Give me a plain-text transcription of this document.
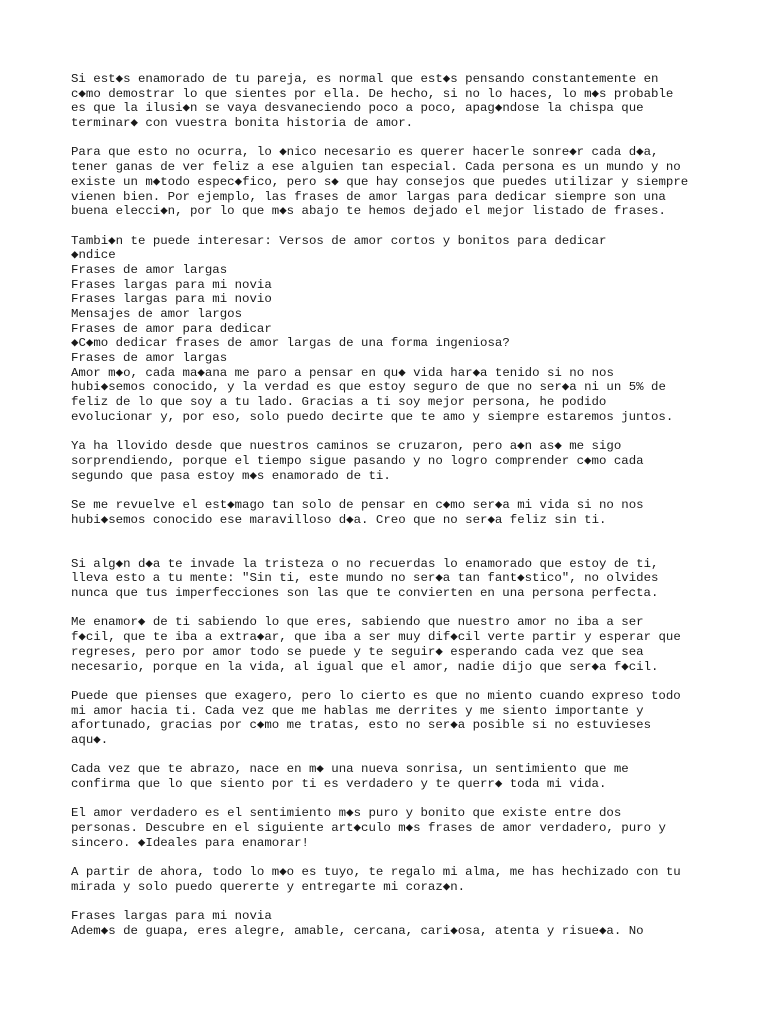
Si est◆s enamorado de tu pareja, es normal que est◆s pensando constantemente en
c◆mo demostrar lo que sientes por ella. De hecho, si no lo haces, lo m◆s probable
es que la ilusi◆n se vaya desvaneciendo poco a poco, apag◆ndose la chispa que
terminar◆ con vuestra bonita historia de amor.
Para que esto no ocurra, lo ◆nico necesario es querer hacerle sonre◆r cada d◆a,
tener ganas de ver feliz a ese alguien tan especial. Cada persona es un mundo y no
existe un m◆todo espec◆fico, pero s◆ que hay consejos que puedes utilizar y siempre
vienen bien. Por ejemplo, las frases de amor largas para dedicar siempre son una
buena elecci◆n, por lo que m◆s abajo te hemos dejado el mejor listado de frases.
Tambi◆n te puede interesar: Versos de amor cortos y bonitos para dedicar
◆ndice
Frases de amor largas
Frases largas para mi novia
Frases largas para mi novio
Mensajes de amor largos
Frases de amor para dedicar
◆C◆mo dedicar frases de amor largas de una forma ingeniosa?
Frases de amor largas
Amor m◆o, cada ma◆ana me paro a pensar en qu◆ vida har◆a tenido si no nos
hubi◆semos conocido, y la verdad es que estoy seguro de que no ser◆a ni un 5% de
feliz de lo que soy a tu lado. Gracias a ti soy mejor persona, he podido
evolucionar y, por eso, solo puedo decirte que te amo y siempre estaremos juntos.
Ya ha llovido desde que nuestros caminos se cruzaron, pero a◆n as◆ me sigo
sorprendiendo, porque el tiempo sigue pasando y no logro comprender c◆mo cada
segundo que pasa estoy m◆s enamorado de ti.
Se me revuelve el est◆mago tan solo de pensar en c◆mo ser◆a mi vida si no nos
hubi◆semos conocido ese maravilloso d◆a. Creo que no ser◆a feliz sin ti.
Si alg◆n d◆a te invade la tristeza o no recuerdas lo enamorado que estoy de ti,
lleva esto a tu mente: "Sin ti, este mundo no ser◆a tan fant◆stico", no olvides
nunca que tus imperfecciones son las que te convierten en una persona perfecta.
Me enamor◆ de ti sabiendo lo que eres, sabiendo que nuestro amor no iba a ser
f◆cil, que te iba a extra◆ar, que iba a ser muy dif◆cil verte partir y esperar que
regreses, pero por amor todo se puede y te seguir◆ esperando cada vez que sea
necesario, porque en la vida, al igual que el amor, nadie dijo que ser◆a f◆cil.
Puede que pienses que exagero, pero lo cierto es que no miento cuando expreso todo
mi amor hacia ti. Cada vez que me hablas me derrites y me siento importante y
afortunado, gracias por c◆mo me tratas, esto no ser◆a posible si no estuvieses
aqu◆.
Cada vez que te abrazo, nace en m◆ una nueva sonrisa, un sentimiento que me
confirma que lo que siento por ti es verdadero y te querr◆ toda mi vida.
El amor verdadero es el sentimiento m◆s puro y bonito que existe entre dos
personas. Descubre en el siguiente art◆culo m◆s frases de amor verdadero, puro y
sincero. ◆Ideales para enamorar!
A partir de ahora, todo lo m◆o es tuyo, te regalo mi alma, me has hechizado con tu
mirada y solo puedo quererte y entregarte mi coraz◆n.
Frases largas para mi novia
Adem◆s de guapa, eres alegre, amable, cercana, cari◆osa, atenta y risue◆a. No
